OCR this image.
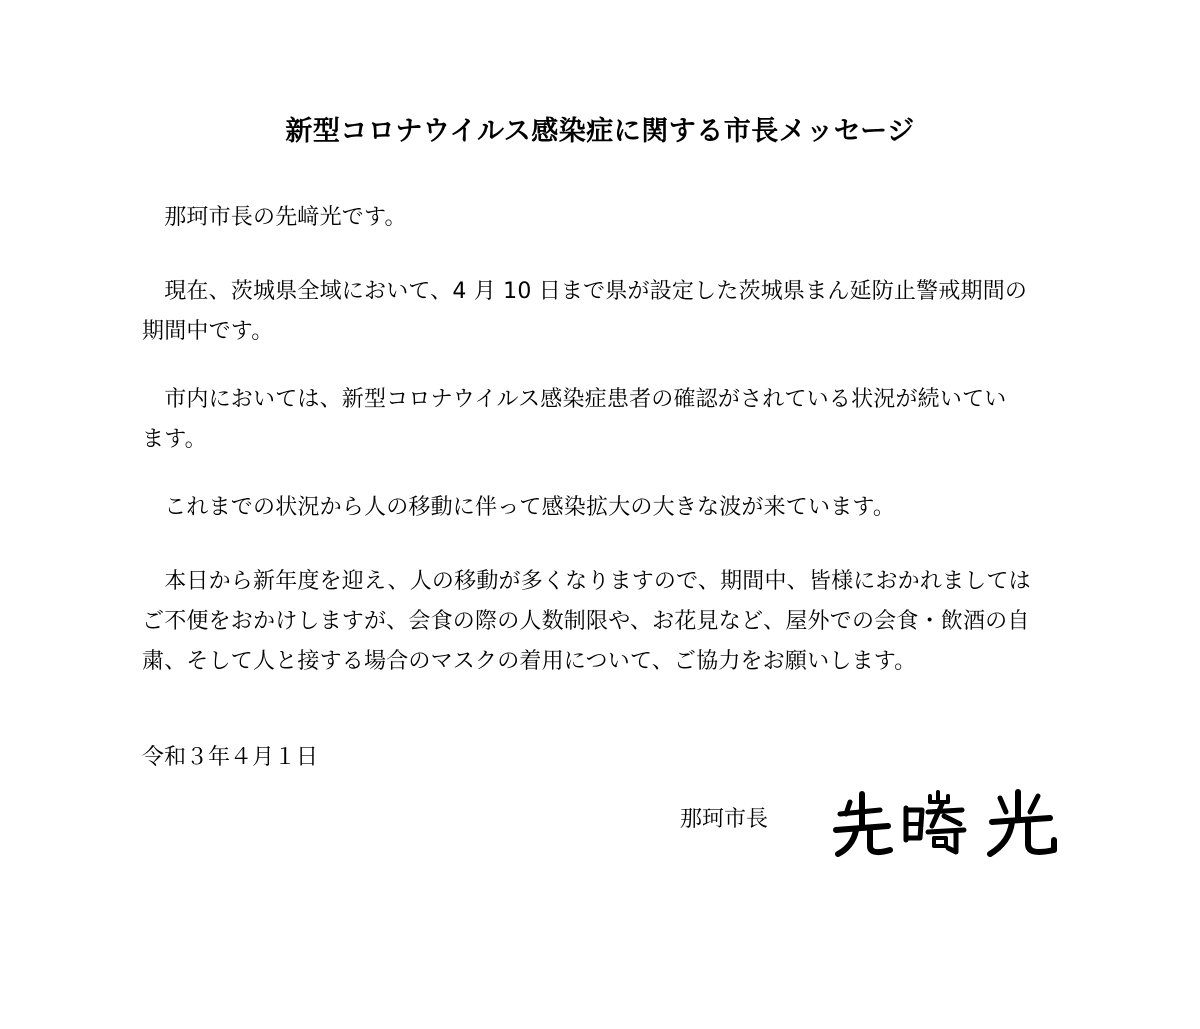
新型コロナウイルス感染症に関する市長メッセージ
　那珂市長の先﨑光です。
　現在、茨城県全域において、4 月 10 日まで県が設定した茨城県まん延防止警戒期間の
期間中です。
　市内においては、新型コロナウイルス感染症患者の確認がされている状況が続いてい
ます。
　これまでの状況から人の移動に伴って感染拡大の大きな波が来ています。
　本日から新年度を迎え、人の移動が多くなりますので、期間中、皆様におかれましては
ご不便をおかけしますが、会食の際の人数制限や、お花見など、屋外での会食・飲酒の自
粛、そして人と接する場合のマスクの着用について、ご協力をお願いします。
令和３年４月１日
那珂市長
